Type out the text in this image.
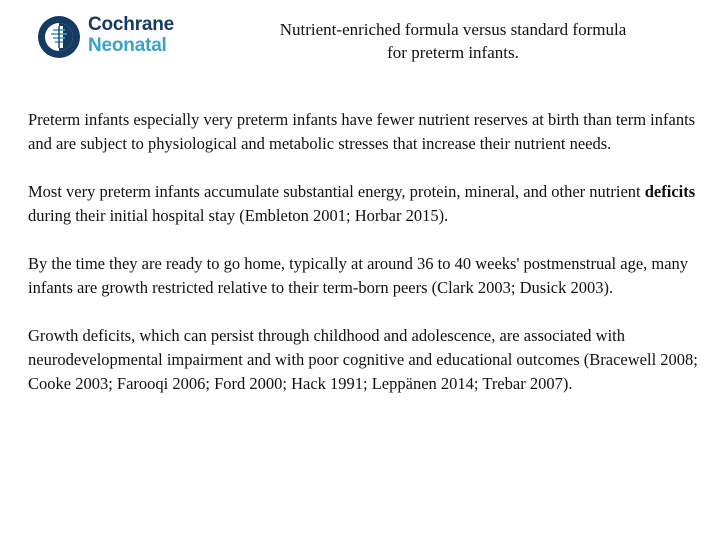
Cochrane
Neonatal
Nutrient-enriched formula versus standard formula
for preterm infants.

Preterm infants especially very preterm infants have fewer nutrient reserves at birth than term infants and are subject to physiological and metabolic stresses that increase their nutrient needs.

Most very preterm infants accumulate substantial energy, protein, mineral, and other nutrient deficits during their initial hospital stay (Embleton 2001; Horbar 2015).

By the time they are ready to go home, typically at around 36 to 40 weeks' postmenstrual age, many infants are growth restricted relative to their term-born peers (Clark 2003; Dusick 2003).

Growth deficits, which can persist through childhood and adolescence, are associated with neurodevelopmental impairment and with poor cognitive and educational outcomes (Bracewell 2008; Cooke 2003; Farooqi 2006; Ford 2000; Hack 1991; Leppänen 2014; Trebar 2007).
